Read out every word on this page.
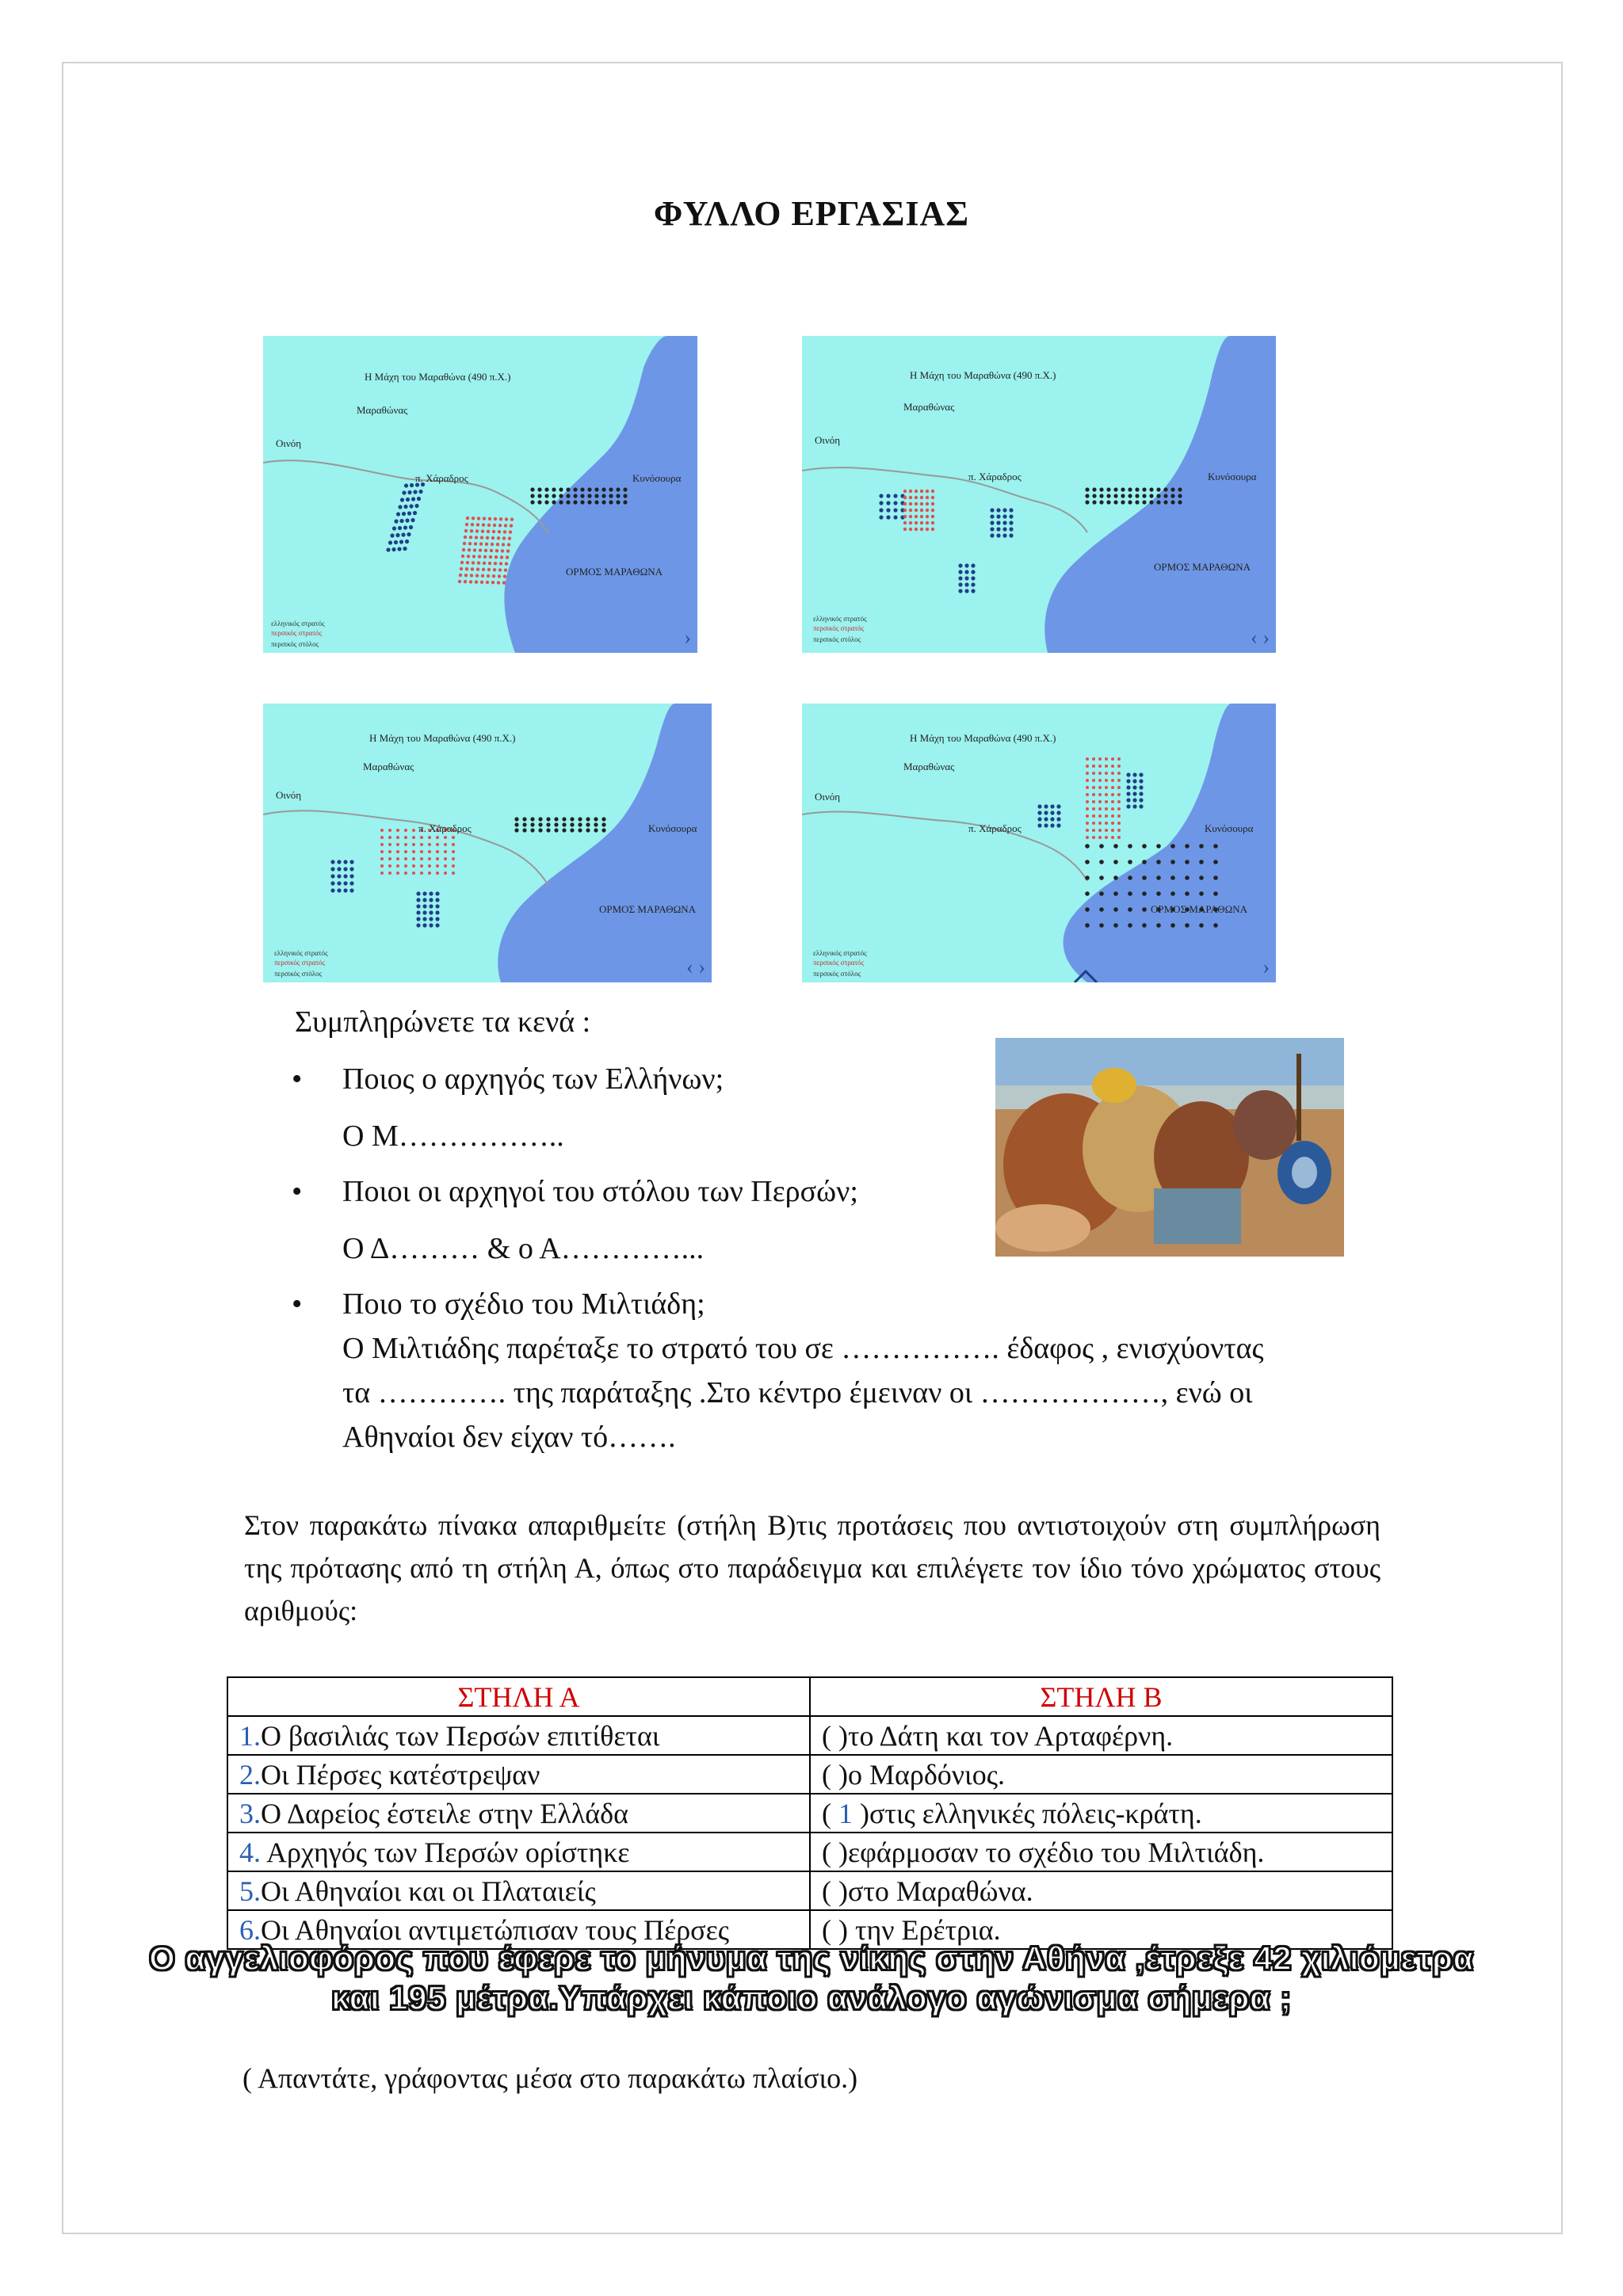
ΦΥΛΛΟ ΕΡΓΑΣΙΑΣ
Η Μάχη του Μαραθώνα (490 π.Χ.)
Μαραθώνας
Οινόη
π. Χάραδρος	Κυνόσουρα
ΟΡΜΟΣ ΜΑΡΑΘΩΝΑ
ελληνικός στρατός
περσικός στρατός
περσικός στόλος	›
Η Μάχη του Μαραθώνα (490 π.Χ.)
Μαραθώνας
Οινόη
π. Χάραδρος	Κυνόσουρα
ΟΡΜΟΣ ΜΑΡΑΘΩΝΑ
ελληνικός στρατός
περσικός στρατός
περσικός στόλος	‹ ›
Η Μάχη του Μαραθώνα (490 π.Χ.)
Μαραθώνας
Οινόη
π. Χάραδρος	Κυνόσουρα
ΟΡΜΟΣ ΜΑΡΑΘΩΝΑ
ελληνικός στρατός
περσικός στρατός
περσικός στόλος	‹ ›
Η Μάχη του Μαραθώνα (490 π.Χ.)
Μαραθώνας
Οινόη
π. Χάραδρος	Κυνόσουρα
ΟΡΜΟΣ ΜΑΡΑΘΩΝΑ
ελληνικός στρατός
περσικός στρατός
περσικός στόλος	›
Συμπληρώνετε τα κενά :
• Ποιος ο αρχηγός των Ελλήνων;
Ο Μ……………..
• Ποιοι οι αρχηγοί του στόλου των Περσών;
Ο Δ……… & ο Α…………...
• Ποιο το σχέδιο του Μιλτιάδη;
Ο Μιλτιάδης παρέταξε το στρατό του σε ……………. έδαφος , ενισχύοντας
τα …………. της παράταξης .Στο κέντρο έμειναν οι ………………, ενώ οι
Αθηναίοι δεν είχαν τό…….
Στον παρακάτω πίνακα απαριθμείτε (στήλη Β)τις προτάσεις που αντιστοιχούν στη συμπλήρωση της πρότασης από τη στήλη Α, όπως στο παράδειγμα και επιλέγετε τον ίδιο τόνο χρώματος στους αριθμούς:
ΣΤΗΛΗ Α	ΣΤΗΛΗ Β
1.Ο βασιλιάς των Περσών επιτίθεται	( )το Δάτη και τον Αρταφέρνη.
2.Οι Πέρσες κατέστρεψαν	( )ο Μαρδόνιος.
3.Ο Δαρείος έστειλε στην Ελλάδα	( 1 )στις ελληνικές πόλεις-κράτη.
4. Αρχηγός των Περσών ορίστηκε	( )εφάρμοσαν το σχέδιο του Μιλτιάδη.
5.Οι Αθηναίοι και οι Πλαταιείς	( )στο Μαραθώνα.
6.Οι Αθηναίοι αντιμετώπισαν τους Πέρσες	( ) την Ερέτρια.
Ο αγγελιοφόρος που έφερε το μήνυμα της νίκης στην Αθήνα ,έτρεξε 42 χιλιόμετρα
και 195 μέτρα.Υπάρχει κάποιο ανάλογο αγώνισμα σήμερα ;
( Απαντάτε, γράφοντας μέσα στο παρακάτω πλαίσιο.)
